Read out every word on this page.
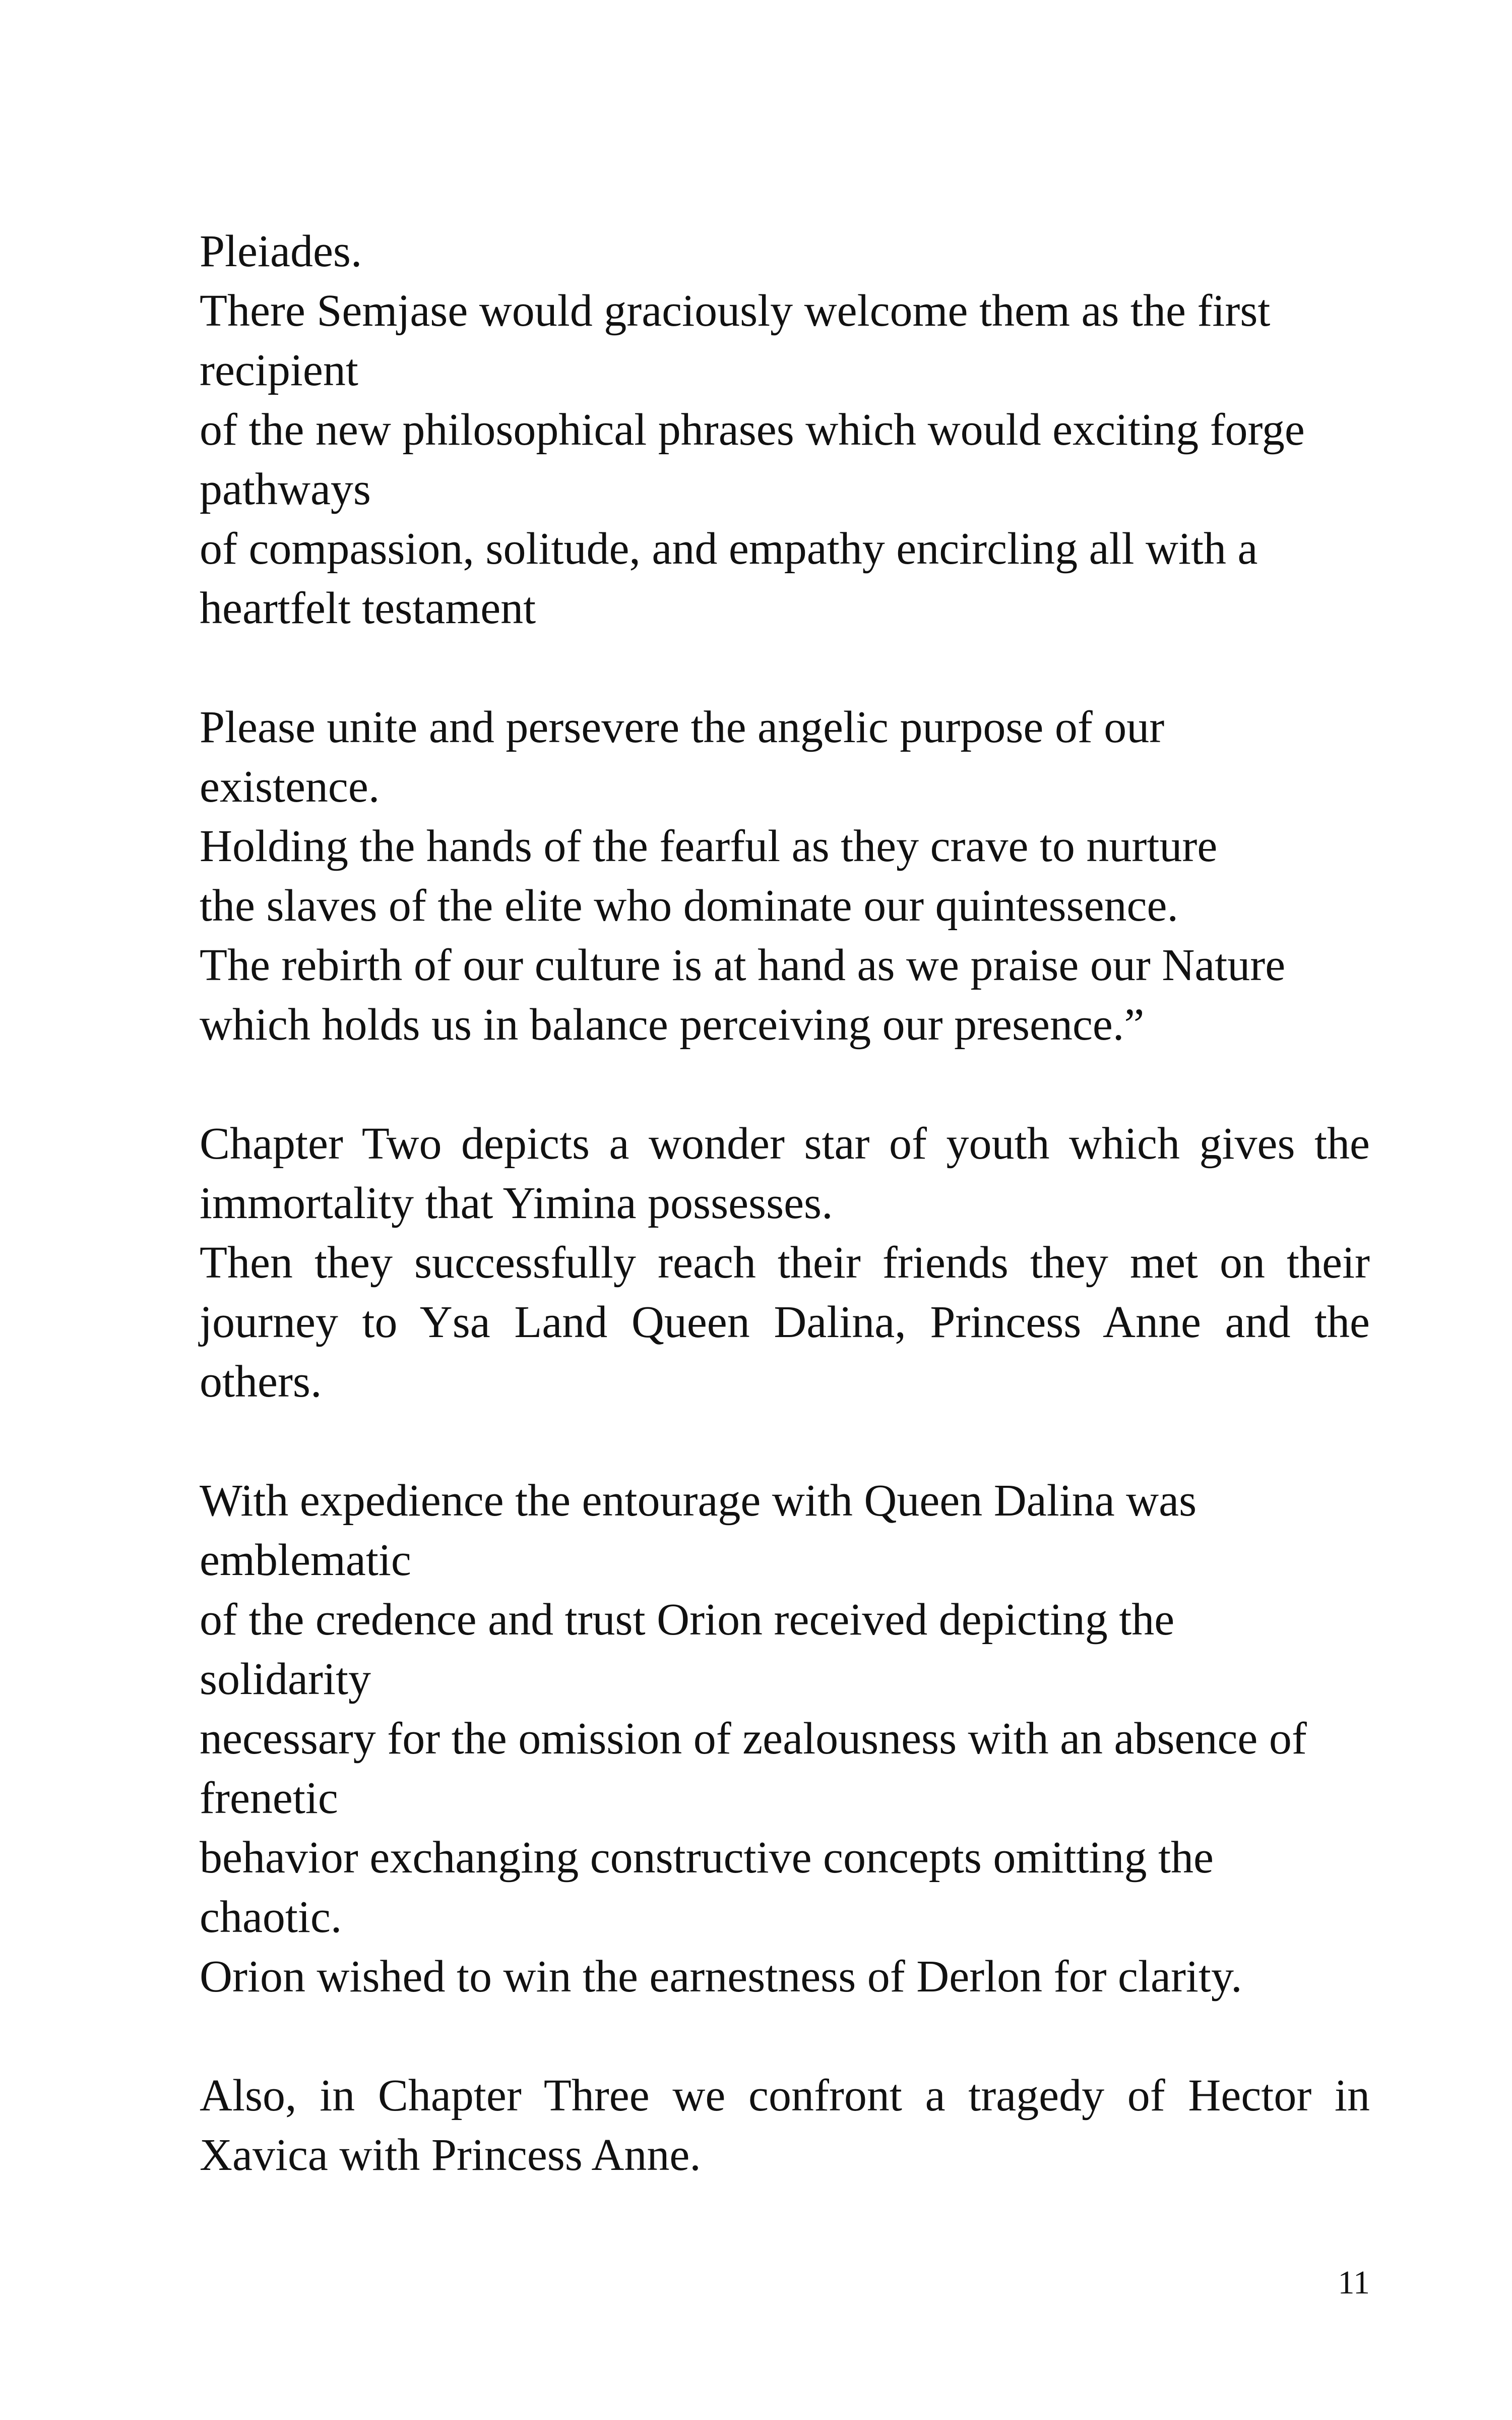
Pleiades.
There Semjase would graciously welcome them as the first
recipient
of the new philosophical phrases which would exciting forge
pathways
of compassion, solitude, and empathy encircling all with a
heartfelt testament
Please unite and persevere the angelic purpose of our
existence.
Holding the hands of the fearful as they crave to nurture
the slaves of the elite who dominate our quintessence.
The rebirth of our culture is at hand as we praise our Nature
which holds us in balance perceiving our presence.”
Chapter Two depicts a wonder star of youth which gives the immortality that Yimina possesses.
Then they successfully reach their friends they met on their journey to Ysa Land Queen Dalina, Princess Anne and the others.
With expedience the entourage with Queen Dalina was
emblematic
of the credence and trust Orion received depicting the
solidarity
necessary for the omission of zealousness with an absence of
frenetic
behavior exchanging constructive concepts omitting the
chaotic.
Orion wished to win the earnestness of Derlon for clarity.
Also, in Chapter Three we confront a tragedy of Hector in Xavica with Princess Anne.
11
